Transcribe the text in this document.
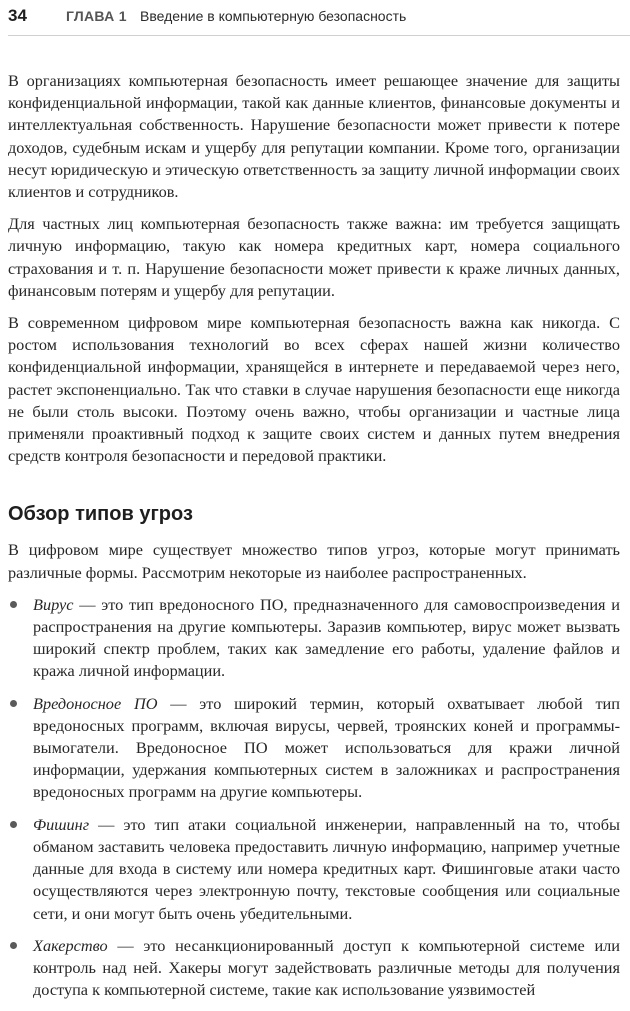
34	ГЛАВА 1 Введение в компьютерную безопасность

В организациях компьютерная безопасность имеет решающее значение для защиты конфиденциальной информации, такой как данные клиентов, финансовые документы и интеллектуальная собственность. Нарушение безопасности может привести к потере доходов, судебным искам и ущербу для репутации компании. Кроме того, организации несут юридическую и этическую ответственность за защиту личной информации своих клиентов и сотрудников.

Для частных лиц компьютерная безопасность также важна: им требуется защищать личную информацию, такую как номера кредитных карт, номера социального страхования и т. п. Нарушение безопасности может привести к краже личных данных, финансовым потерям и ущербу для репутации.

В современном цифровом мире компьютерная безопасность важна как никогда. С ростом использования технологий во всех сферах нашей жизни количество конфиденциальной информации, хранящейся в интернете и передаваемой через него, растет экспоненциально. Так что ставки в случае нарушения безопасности еще никогда не были столь высоки. Поэтому очень важно, чтобы организации и частные лица применяли проактивный подход к защите своих систем и данных путем внедрения средств контроля безопасности и передовой практики.

Обзор типов угроз

В цифровом мире существует множество типов угроз, которые могут принимать различные формы. Рассмотрим некоторые из наиболее распространенных.

Вирус — это тип вредоносного ПО, предназначенного для самовоспроизведения и распространения на другие компьютеры. Заразив компьютер, вирус может вызвать широкий спектр проблем, таких как замедление его работы, удаление файлов и кража личной информации.
Вредоносное ПО — это широкий термин, который охватывает любой тип вредоносных программ, включая вирусы, червей, троянских коней и программы-вымогатели. Вредоносное ПО может использоваться для кражи личной информации, удержания компьютерных систем в заложниках и распространения вредоносных программ на другие компьютеры.
Фишинг — это тип атаки социальной инженерии, направленный на то, чтобы обманом заставить человека предоставить личную информацию, например учетные данные для входа в систему или номера кредитных карт. Фишинговые атаки часто осуществляются через электронную почту, текстовые сообщения или социальные сети, и они могут быть очень убедительными.
Хакерство — это несанкционированный доступ к компьютерной системе или контроль над ней. Хакеры могут задействовать различные методы для получения доступа к компьютерной системе, такие как использование уязвимостей
